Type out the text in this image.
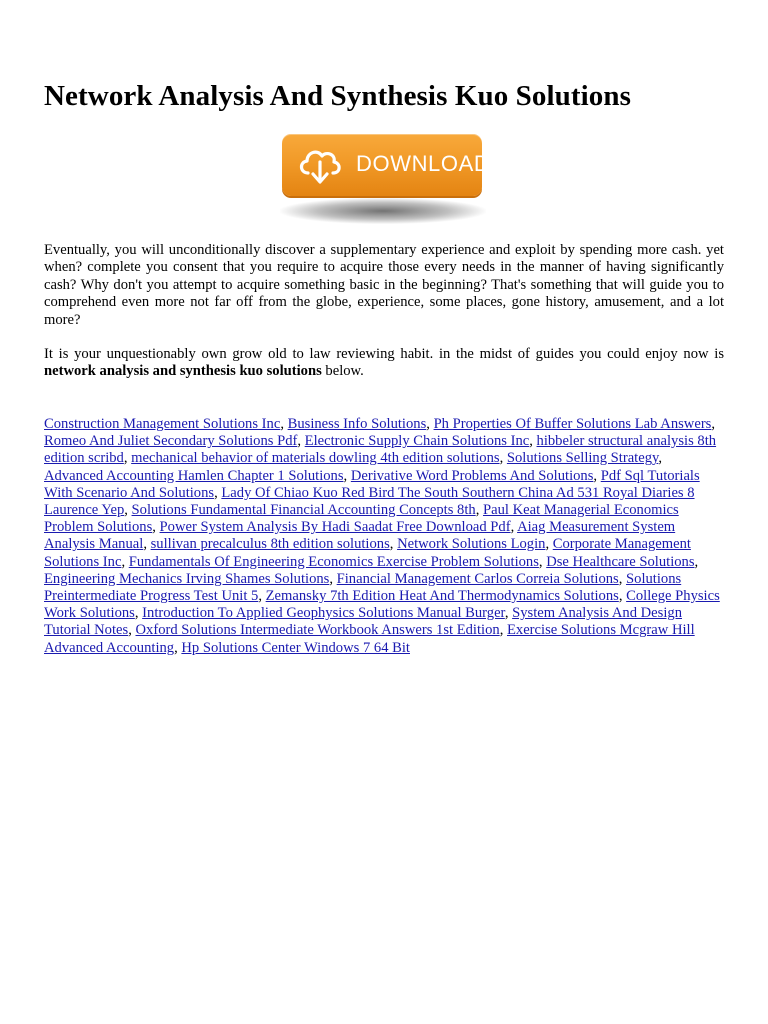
Network Analysis And Synthesis Kuo Solutions
DOWNLOAD

Eventually, you will unconditionally discover a supplementary experience and exploit by spending more cash. yet when? complete you consent that you require to acquire those every needs in the manner of having significantly cash? Why don't you attempt to acquire something basic in the beginning? That's something that will guide you to comprehend even more not far off from the globe, experience, some places, gone history, amusement, and a lot more?

It is your unquestionably own grow old to law reviewing habit. in the midst of guides you could enjoy now is network analysis and synthesis kuo solutions below.

Construction Management Solutions Inc, Business Info Solutions, Ph Properties Of Buffer Solutions Lab Answers, Romeo And Juliet Secondary Solutions Pdf, Electronic Supply Chain Solutions Inc, hibbeler structural analysis 8th edition scribd, mechanical behavior of materials dowling 4th edition solutions, Solutions Selling Strategy, Advanced Accounting Hamlen Chapter 1 Solutions, Derivative Word Problems And Solutions, Pdf Sql Tutorials With Scenario And Solutions, Lady Of Chiao Kuo Red Bird The South Southern China Ad 531 Royal Diaries 8 Laurence Yep, Solutions Fundamental Financial Accounting Concepts 8th, Paul Keat Managerial Economics Problem Solutions, Power System Analysis By Hadi Saadat Free Download Pdf, Aiag Measurement System Analysis Manual, sullivan precalculus 8th edition solutions, Network Solutions Login, Corporate Management Solutions Inc, Fundamentals Of Engineering Economics Exercise Problem Solutions, Dse Healthcare Solutions, Engineering Mechanics Irving Shames Solutions, Financial Management Carlos Correia Solutions, Solutions Preintermediate Progress Test Unit 5, Zemansky 7th Edition Heat And Thermodynamics Solutions, College Physics Work Solutions, Introduction To Applied Geophysics Solutions Manual Burger, System Analysis And Design Tutorial Notes, Oxford Solutions Intermediate Workbook Answers 1st Edition, Exercise Solutions Mcgraw Hill Advanced Accounting, Hp Solutions Center Windows 7 64 Bit
